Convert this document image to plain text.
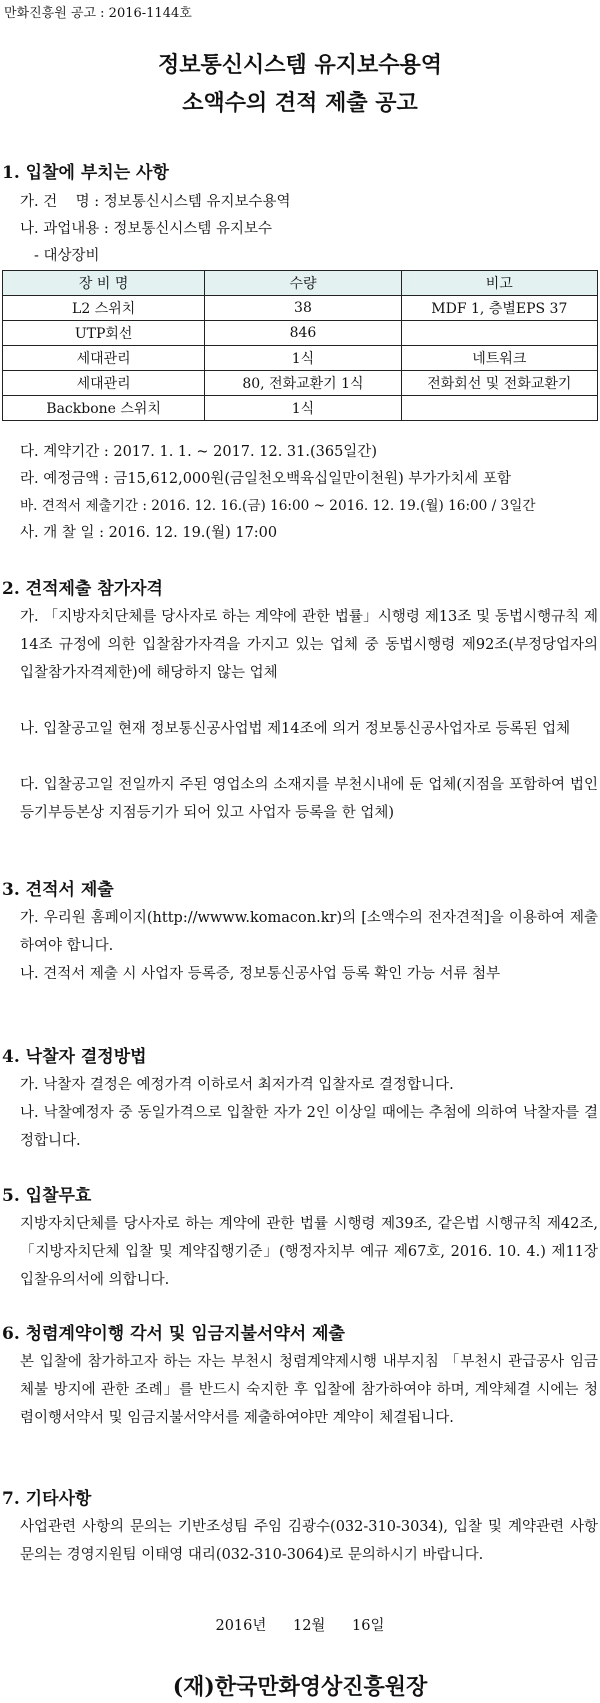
만화진흥원 공고 : 2016-1144호
정보통신시스템 유지보수용역
소액수의 견적 제출 공고
1. 입찰에 부치는 사항
가. 건    명 : 정보통신시스템 유지보수용역
나. 과업내용 : 정보통신시스템 유지보수
- 대상장비
장 비 명	수량	비고
L2 스위치	38	MDF 1, 층별EPS 37
UTP회선	846	
세대관리	1식	네트워크
세대관리	80, 전화교환기 1식	전화회선 및 전화교환기
Backbone 스위치	1식	
다. 계약기간 : 2017. 1. 1. ~ 2017. 12. 31.(365일간)
라. 예정금액 : 금15,612,000원(금일천오백육십일만이천원) 부가가치세 포함
바. 견적서 제출기간 : 2016. 12. 16.(금) 16:00 ~ 2016. 12. 19.(월) 16:00 / 3일간
사. 개 찰 일 : 2016. 12. 19.(월) 17:00
2. 견적제출 참가자격
가. 「지방자치단체를 당사자로 하는 계약에 관한 법률」시행령 제13조 및 동법시행규칙 제14조 규정에 의한 입찰참가자격을 가지고 있는 업체 중 동법시행령 제92조(부정당업자의 입찰참가자격제한)에 해당하지 않는 업체
나. 입찰공고일 현재 정보통신공사업법 제14조에 의거 정보통신공사업자로 등록된 업체
다. 입찰공고일 전일까지 주된 영업소의 소재지를 부천시내에 둔 업체(지점을 포함하여 법인등기부등본상 지점등기가 되어 있고 사업자 등록을 한 업체)
3. 견적서 제출
가. 우리원 홈페이지(http://wwww.komacon.kr)의 [소액수의 전자견적]을 이용하여 제출하여야 합니다.
나. 견적서 제출 시 사업자 등록증, 정보통신공사업 등록 확인 가능 서류 첨부
4. 낙찰자 결정방법
가. 낙찰자 결정은 예정가격 이하로서 최저가격 입찰자로 결정합니다.
나. 낙찰예정자 중 동일가격으로 입찰한 자가 2인 이상일 때에는 추첨에 의하여 낙찰자를 결정합니다.
5. 입찰무효
지방자치단체를 당사자로 하는 계약에 관한 법률 시행령 제39조, 같은법 시행규칙 제42조, 「지방자치단체 입찰 및 계약집행기준」(행정자치부 예규 제67호, 2016. 10. 4.) 제11장 입찰유의서에 의합니다.
6. 청렴계약이행 각서 및 임금지불서약서 제출
본 입찰에 참가하고자 하는 자는 부천시 청렴계약제시행 내부지침 「부천시 관급공사 임금체불 방지에 관한 조례」를 반드시 숙지한 후 입찰에 참가하여야 하며, 계약체결 시에는 청렴이행서약서 및 임금지불서약서를 제출하여야만 계약이 체결됩니다.
7. 기타사항
사업관련 사항의 문의는 기반조성팀 주임 김광수(032-310-3034), 입찰 및 계약관련 사항 문의는 경영지원팀 이태영 대리(032-310-3064)로 문의하시기 바랍니다.
2016년 12월 16일
(재)한국만화영상진흥원장
